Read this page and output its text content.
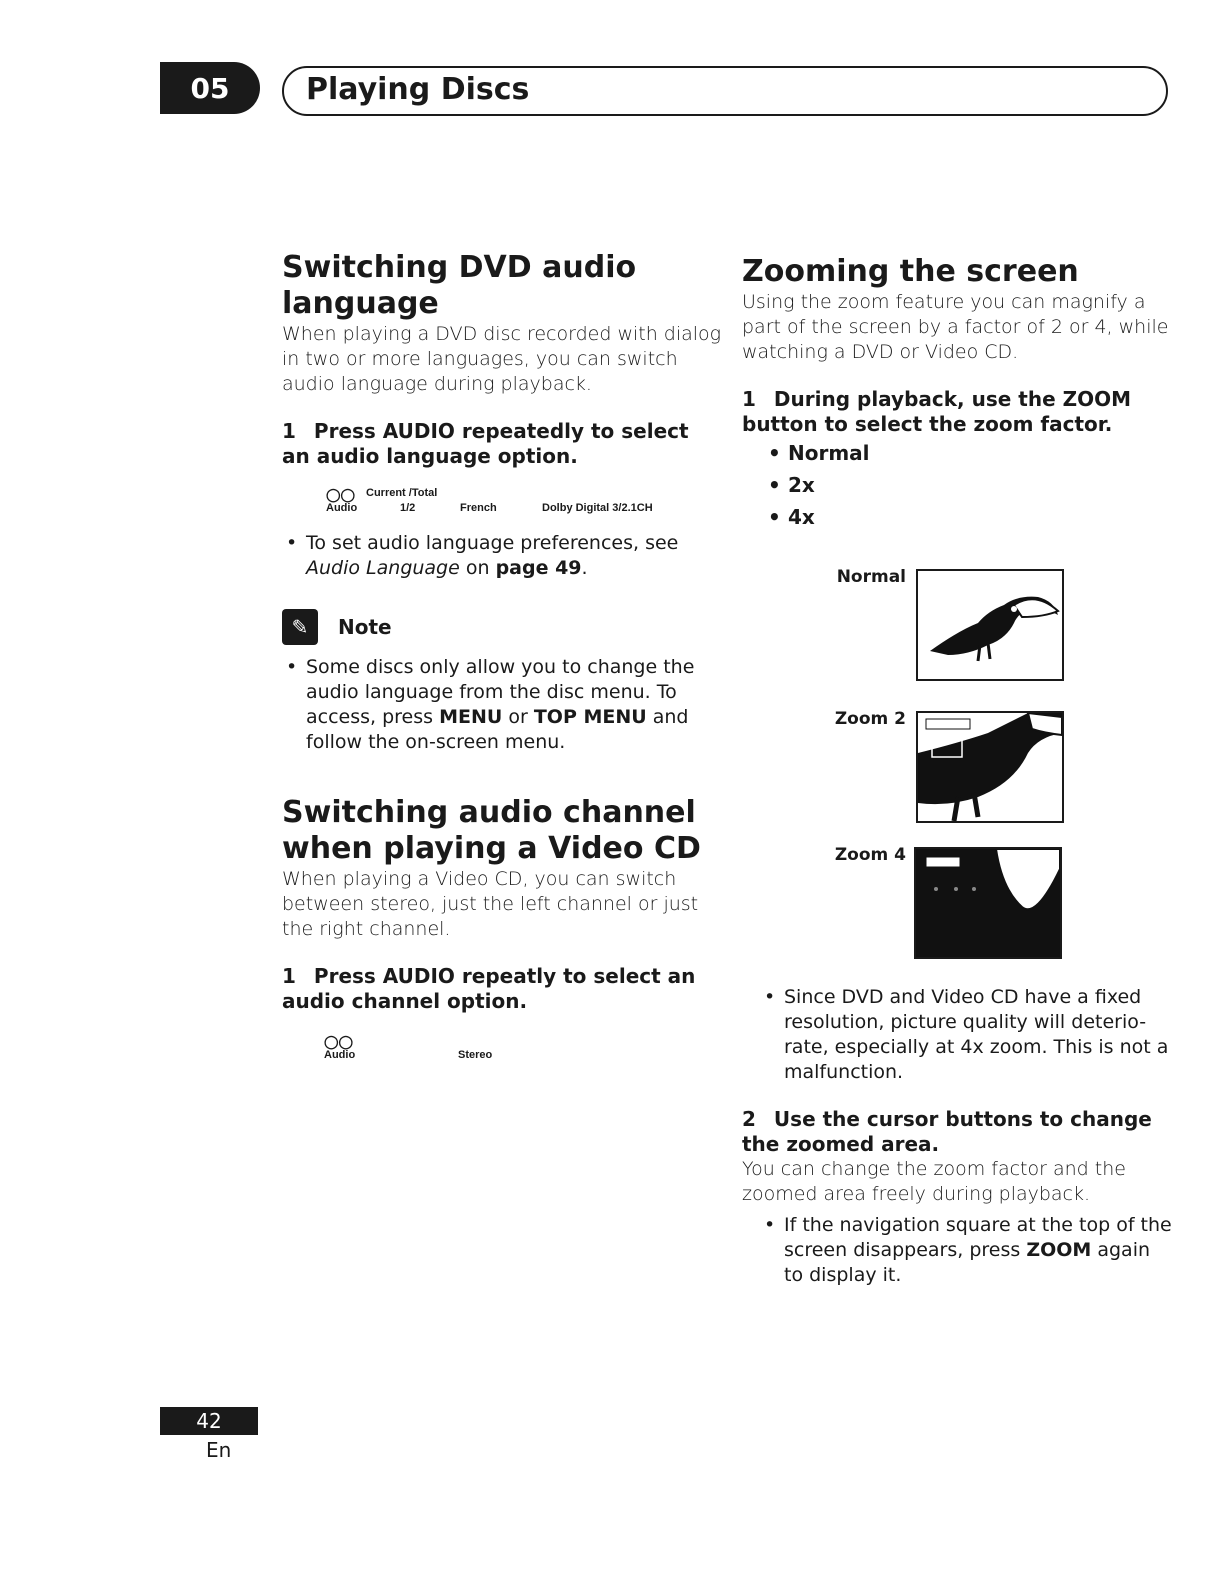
05	Playing Discs
Switching DVD audio language

When playing a DVD disc recorded with dialog in two or more languages, you can switch audio language during playback.

1 Press AUDIO repeatedly to select an audio language option.

◯◯ Current /Total
Audio	1/2	French	Dolby Digital 3/2.1CH
• To set audio language preferences, see Audio Language on page 49.
✎	Note
• Some discs only allow you to change the audio language from the disc menu. To access, press MENU or TOP MENU and follow the on-screen menu.
Switching audio channel when playing a Video CD

When playing a Video CD, you can switch between stereo, just the left channel or just the right channel.

1 Press AUDIO repeatly to select an audio channel option.

◯◯
Audio	Stereo
Zooming the screen

Using the zoom feature you can magnify a part of the screen by a factor of 2 or 4, while watching a DVD or Video CD.

1 During playback, use the ZOOM button to select the zoom factor.

• Normal
• 2x
• 4x
Normal
Zoom 2
Zoom 4
• Since DVD and Video CD have a fixed resolution, picture quality will deterio-rate, especially at 4x zoom. This is not a malfunction.

2 Use the cursor buttons to change the zoomed area.

You can change the zoom factor and the zoomed area freely during playback.

• If the navigation square at the top of the screen disappears, press ZOOM again to display it.
42
En
